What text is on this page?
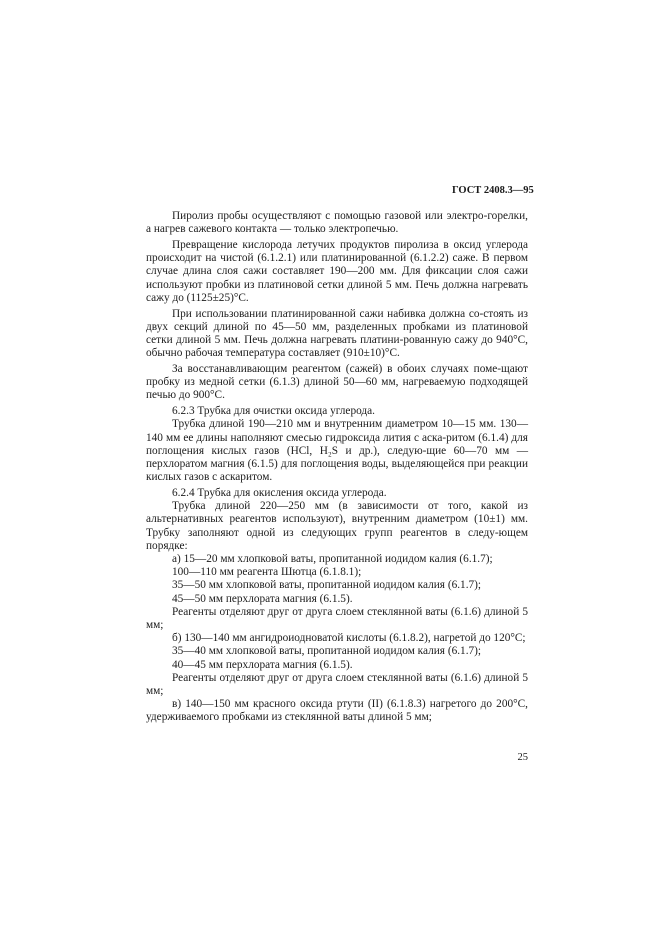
ГОСТ 2408.3—95

Пиролиз пробы осуществляют с помощью газовой или электро-горелки, а нагрев сажевого контакта — только электропечью.

Превращение кислорода летучих продуктов пиролиза в оксид углерода происходит на чистой (6.1.2.1) или платинированной (6.1.2.2) саже. В первом случае длина слоя сажи составляет 190—200 мм. Для фиксации слоя сажи используют пробки из платиновой сетки длиной 5 мм. Печь должна нагревать сажу до (1125±25)°С.

При использовании платинированной сажи набивка должна со-стоять из двух секций длиной по 45—50 мм, разделенных пробками из платиновой сетки длиной 5 мм. Печь должна нагревать платини-рованную сажу до 940°С, обычно рабочая температура составляет (910±10)°С.

За восстанавливающим реагентом (сажей) в обоих случаях поме-щают пробку из медной сетки (6.1.3) длиной 50—60 мм, нагреваемую подходящей печью до 900°С.

6.2.3 Трубка для очистки оксида углерода.

Трубка длиной 190—210 мм и внутренним диаметром 10—15 мм. 130—140 мм ее длины наполняют смесью гидроксида лития с аска-ритом (6.1.4) для поглощения кислых газов (HCl, H₂S и др.), следую-щие 60—70 мм — перхлоратом магния (6.1.5) для поглощения воды, выделяющейся при реакции кислых газов с аскаритом.

6.2.4 Трубка для окисления оксида углерода.

Трубка длиной 220—250 мм (в зависимости от того, какой из альтернативных реагентов используют), внутренним диаметром (10±1) мм. Трубку заполняют одной из следующих групп реагентов в следу-ющем порядке:

а) 15—20 мм хлопковой ваты, пропитанной иодидом калия (6.1.7);

100—110 мм реагента Шютца (6.1.8.1);

35—50 мм хлопковой ваты, пропитанной иодидом калия (6.1.7);

45—50 мм перхлората магния (6.1.5).

Реагенты отделяют друг от друга слоем стеклянной ваты (6.1.6) длиной 5 мм;

б) 130—140 мм ангидроиодноватой кислоты (6.1.8.2), нагретой до 120°С;

35—40 мм хлопковой ваты, пропитанной иодидом калия (6.1.7);

40—45 мм перхлората магния (6.1.5).

Реагенты отделяют друг от друга слоем стеклянной ваты (6.1.6) длиной 5 мм;

в) 140—150 мм красного оксида ртути (II) (6.1.8.3) нагретого до 200°С, удерживаемого пробками из стеклянной ваты длиной 5 мм;

25
